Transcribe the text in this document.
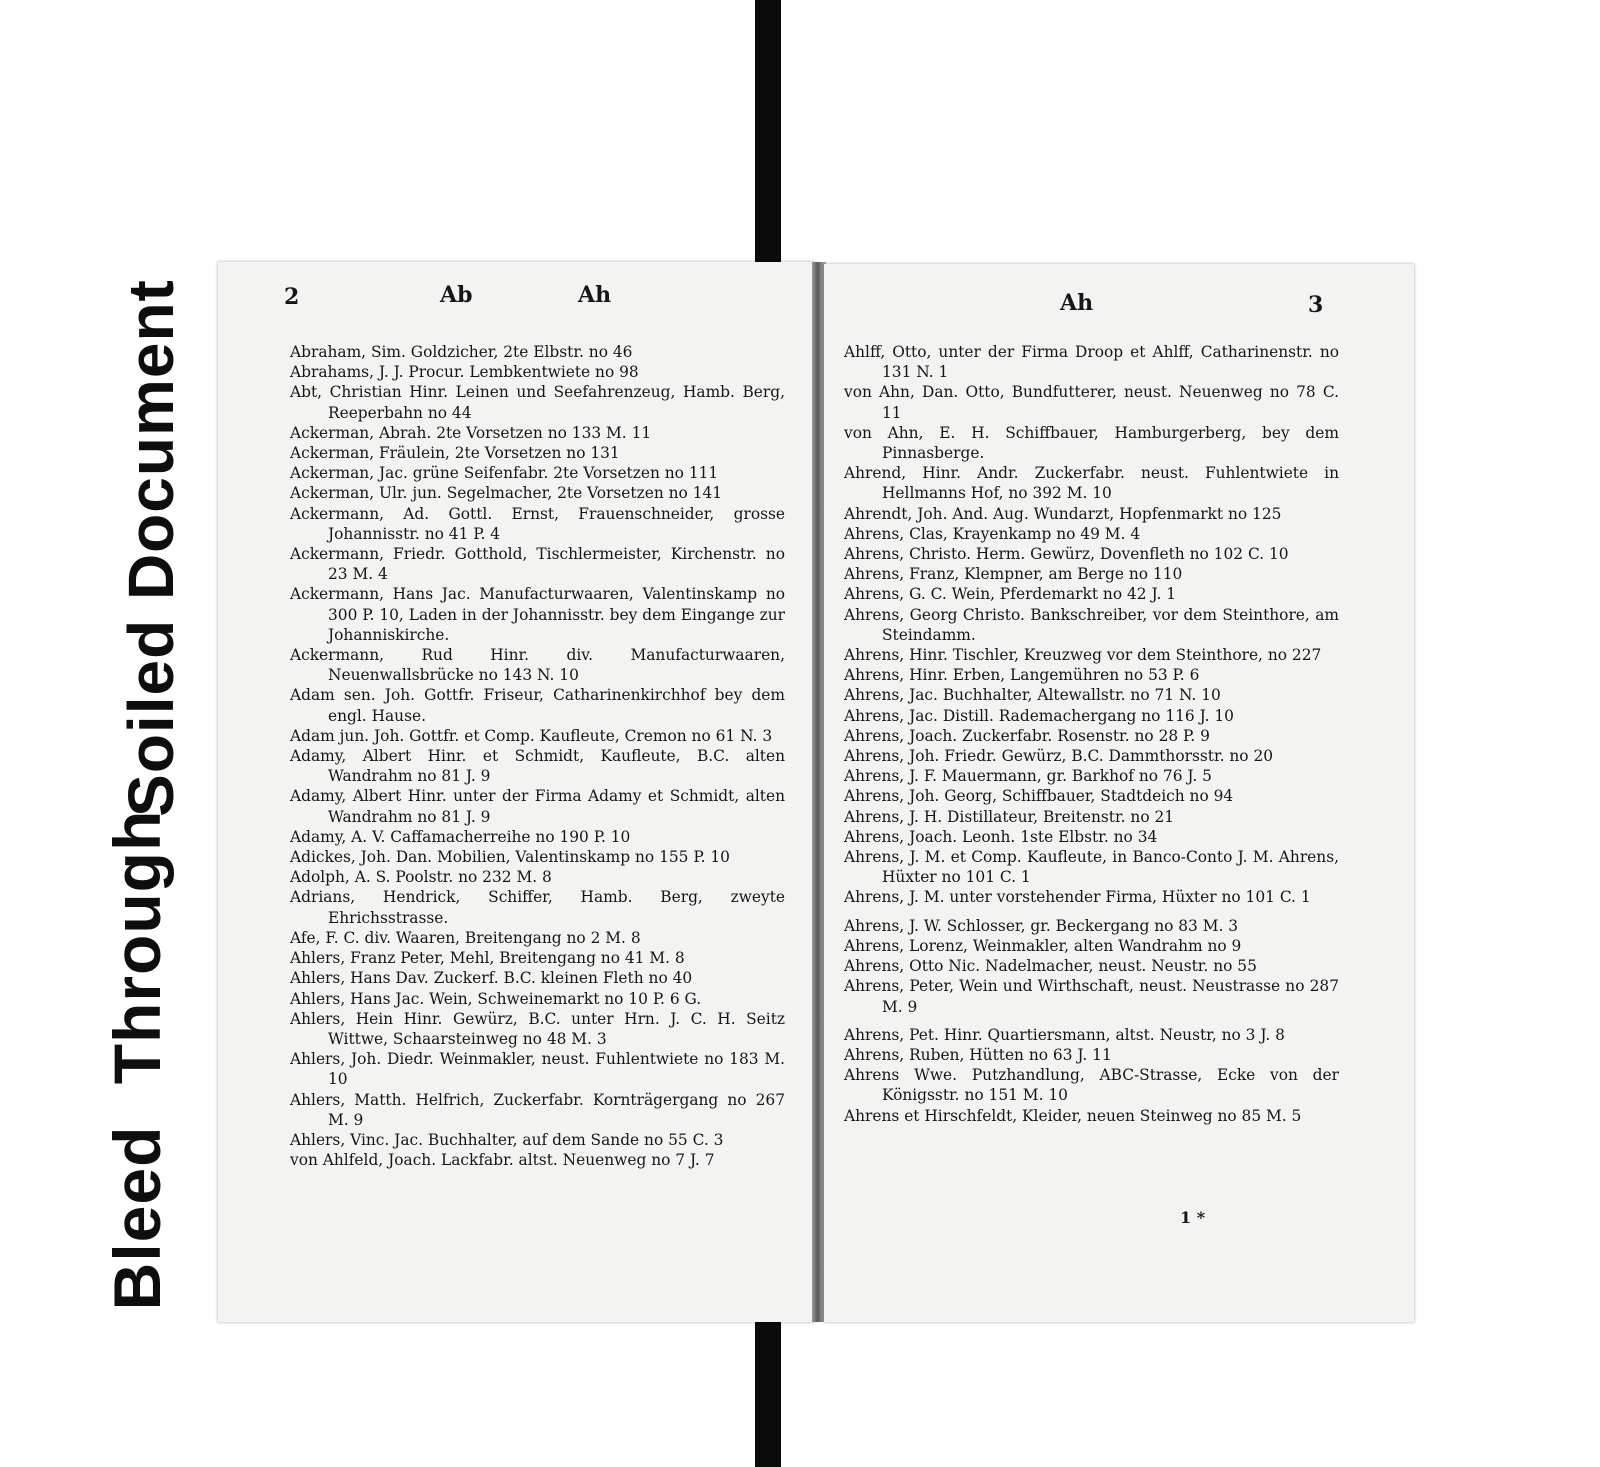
Soiled Document
Bleed Through
2	Ab	Ah
Abraham, Sim. Goldzicher, 2te Elbstr. no 46
Abrahams, J. J. Procur. Lembkentwiete no 98
Abt, Christian Hinr. Leinen und Seefahrenzeug, Hamb. Berg, Reeperbahn no 44
Ackerman, Abrah. 2te Vorsetzen no 133 M. 11
Ackerman, Fräulein, 2te Vorsetzen no 131
Ackerman, Jac. grüne Seifenfabr. 2te Vorsetzen no 111
Ackerman, Ulr. jun. Segelmacher, 2te Vorsetzen no 141
Ackermann, Ad. Gottl. Ernst, Frauenschneider, grosse Johannisstr. no 41 P. 4
Ackermann, Friedr. Gotthold, Tischlermeister, Kirchenstr. no 23 M. 4
Ackermann, Hans Jac. Manufacturwaaren, Valentinskamp no 300 P. 10, Laden in der Johannisstr. bey dem Eingange zur Johanniskirche.
Ackermann, Rud Hinr. div. Manufacturwaaren, Neuenwallsbrücke no 143 N. 10
Adam sen. Joh. Gottfr. Friseur, Catharinenkirchhof bey dem engl. Hause.
Adam jun. Joh. Gottfr. et Comp. Kaufleute, Cremon no 61 N. 3
Adamy, Albert Hinr. et Schmidt, Kaufleute, B.C. alten Wandrahm no 81 J. 9
Adamy, Albert Hinr. unter der Firma Adamy et Schmidt, alten Wandrahm no 81 J. 9
Adamy, A. V. Caffamacherreihe no 190 P. 10
Adickes, Joh. Dan. Mobilien, Valentinskamp no 155 P. 10
Adolph, A. S. Poolstr. no 232 M. 8
Adrians, Hendrick, Schiffer, Hamb. Berg, zweyte Ehrichsstrasse.
Afe, F. C. div. Waaren, Breitengang no 2 M. 8
Ahlers, Franz Peter, Mehl, Breitengang no 41 M. 8
Ahlers, Hans Dav. Zuckerf. B.C. kleinen Fleth no 40
Ahlers, Hans Jac. Wein, Schweinemarkt no 10 P. 6 G.
Ahlers, Hein Hinr. Gewürz, B.C. unter Hrn. J. C. H. Seitz Wittwe, Schaarsteinweg no 48 M. 3
Ahlers, Joh. Diedr. Weinmakler, neust. Fuhlentwiete no 183 M. 10
Ahlers, Matth. Helfrich, Zuckerfabr. Kornträgergang no 267 M. 9
Ahlers, Vinc. Jac. Buchhalter, auf dem Sande no 55 C. 3
von Ahlfeld, Joach. Lackfabr. altst. Neuenweg no 7 J. 7
Ah	3
Ahlff, Otto, unter der Firma Droop et Ahlff, Catharinenstr. no 131 N. 1
von Ahn, Dan. Otto, Bundfutterer, neust. Neuenweg no 78 C. 11
von Ahn, E. H. Schiffbauer, Hamburgerberg, bey dem Pinnasberge.
Ahrend, Hinr. Andr. Zuckerfabr. neust. Fuhlentwiete in Hellmanns Hof, no 392 M. 10
Ahrendt, Joh. And. Aug. Wundarzt, Hopfenmarkt no 125
Ahrens, Clas, Krayenkamp no 49 M. 4
Ahrens, Christo. Herm. Gewürz, Dovenfleth no 102 C. 10
Ahrens, Franz, Klempner, am Berge no 110
Ahrens, G. C. Wein, Pferdemarkt no 42 J. 1
Ahrens, Georg Christo. Bankschreiber, vor dem Steinthore, am Steindamm.
Ahrens, Hinr. Tischler, Kreuzweg vor dem Steinthore, no 227
Ahrens, Hinr. Erben, Langemühren no 53 P. 6
Ahrens, Jac. Buchhalter, Altewallstr. no 71 N. 10
Ahrens, Jac. Distill. Rademachergang no 116 J. 10
Ahrens, Joach. Zuckerfabr. Rosenstr. no 28 P. 9
Ahrens, Joh. Friedr. Gewürz, B.C. Dammthorsstr. no 20
Ahrens, J. F. Mauermann, gr. Barkhof no 76 J. 5
Ahrens, Joh. Georg, Schiffbauer, Stadtdeich no 94
Ahrens, J. H. Distillateur, Breitenstr. no 21
Ahrens, Joach. Leonh. 1ste Elbstr. no 34
Ahrens, J. M. et Comp. Kaufleute, in Banco-Conto J. M. Ahrens, Hüxter no 101 C. 1
Ahrens, J. M. unter vorstehender Firma, Hüxter no 101 C. 1
Ahrens, J. W. Schlosser, gr. Beckergang no 83 M. 3
Ahrens, Lorenz, Weinmakler, alten Wandrahm no 9
Ahrens, Otto Nic. Nadelmacher, neust. Neustr. no 55
Ahrens, Peter, Wein und Wirthschaft, neust. Neustrasse no 287 M. 9
Ahrens, Pet. Hinr. Quartiersmann, altst. Neustr, no 3 J. 8
Ahrens, Ruben, Hütten no 63 J. 11
Ahrens Wwe. Putzhandlung, ABC-Strasse, Ecke von der Königsstr. no 151 M. 10
Ahrens et Hirschfeldt, Kleider, neuen Steinweg no 85 M. 5
1 *
